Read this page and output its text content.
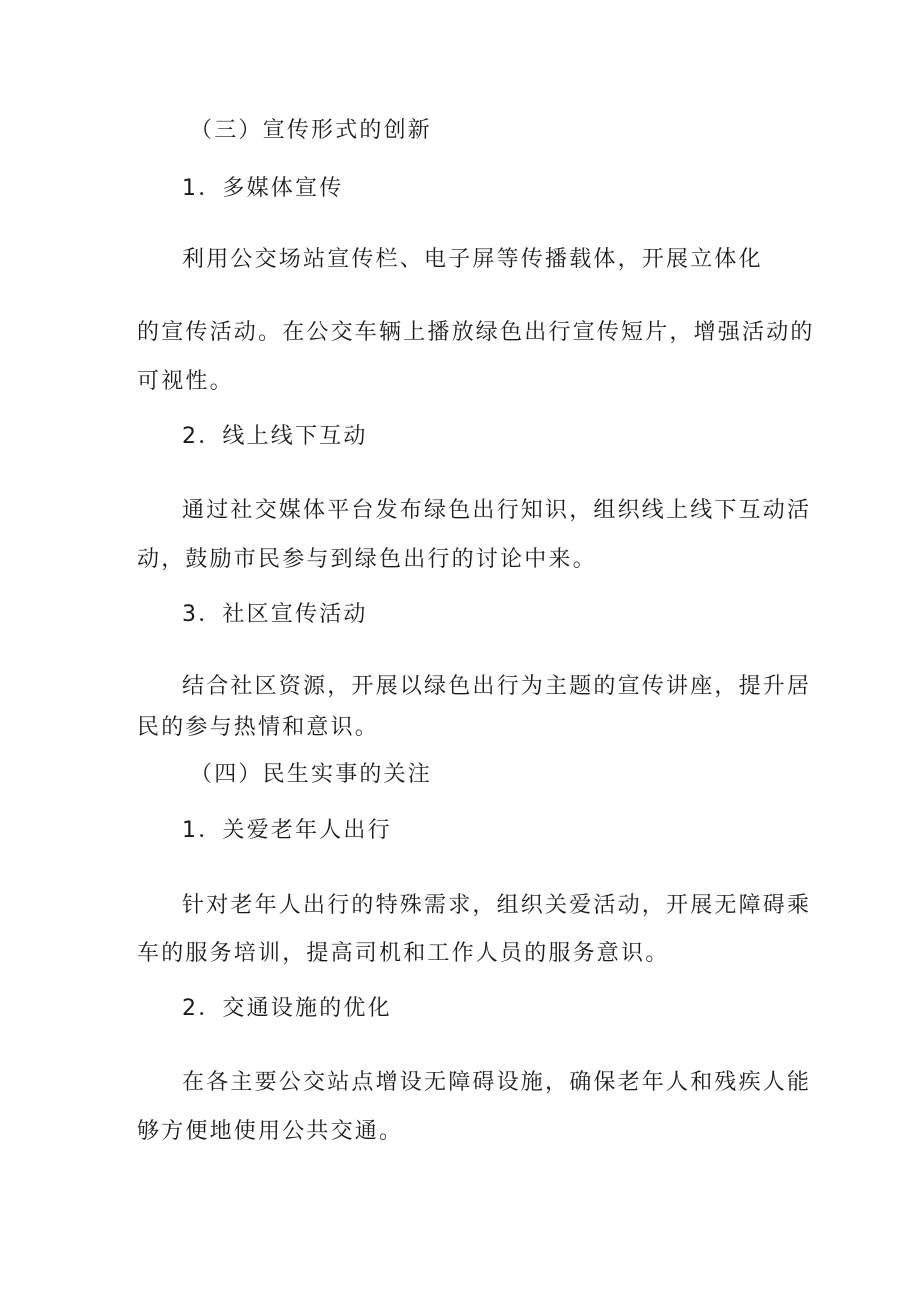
（三）宣传形式的创新
1．多媒体宣传
利用公交场站宣传栏、电子屏等传播载体，开展立体化
的宣传活动。在公交车辆上播放绿色出行宣传短片，增强活动的
可视性。
2．线上线下互动
通过社交媒体平台发布绿色出行知识，组织线上线下互动活
动，鼓励市民参与到绿色出行的讨论中来。
3．社区宣传活动
结合社区资源，开展以绿色出行为主题的宣传讲座，提升居
民的参与热情和意识。
（四）民生实事的关注
1．关爱老年人出行
针对老年人出行的特殊需求，组织关爱活动，开展无障碍乘
车的服务培训，提高司机和工作人员的服务意识。
2．交通设施的优化
在各主要公交站点增设无障碍设施，确保老年人和残疾人能
够方便地使用公共交通。
